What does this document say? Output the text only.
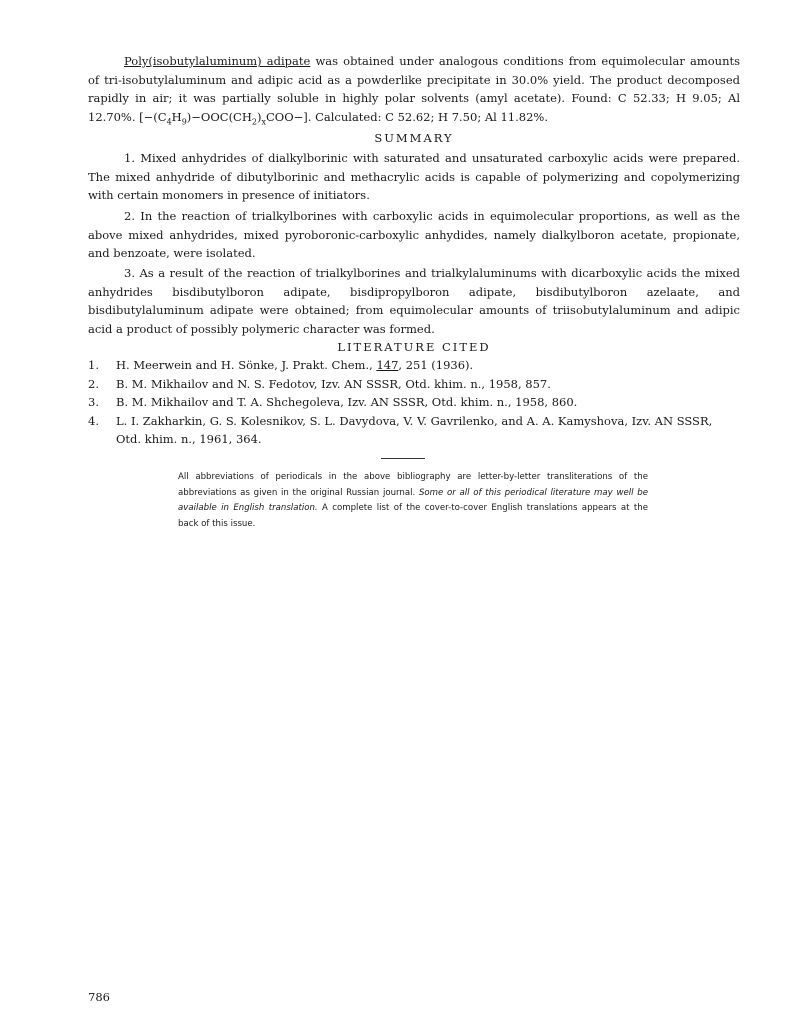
Poly(isobutylaluminum) adipate was obtained under analogous conditions from equimolecular amounts of tri-isobutylaluminum and adipic acid as a powderlike precipitate in 30.0% yield. The product decomposed rapidly in air; it was partially soluble in highly polar solvents (amyl acetate). Found: C 52.33; H 9.05; Al 12.70%. $[-(C_4H_9)-OOC(CH_2)_xCOO-]$. Calculated: C 52.62; H 7.50; Al 11.82%.

SUMMARY

1. Mixed anhydrides of dialkylborinic with saturated and unsaturated carboxylic acids were prepared. The mixed anhydride of dibutylborinic and methacrylic acids is capable of polymerizing and copolymerizing with certain monomers in presence of initiators.

2. In the reaction of trialkylborines with carboxylic acids in equimolecular proportions, as well as the above mixed anhydrides, mixed pyroboronic-carboxylic anhydides, namely dialkylboron acetate, propionate, and benzoate, were isolated.

3. As a result of the reaction of trialkylborines and trialkylaluminums with dicarboxylic acids the mixed anhydrides bisdibutylboron adipate, bisdipropylboron adipate, bisdibutylboron azelaate, and bisdibutylaluminum adipate were obtained; from equimolecular amounts of triisobutylaluminum and adipic acid a product of possibly polymeric character was formed.

LITERATURE CITED

1. H. Meerwein and H. Sönke, J. Prakt. Chem., 147, 251 (1936).
2. B. M. Mikhailov and N. S. Fedotov, Izv. AN SSSR, Otd. khim. n., 1958, 857.
3. B. M. Mikhailov and T. A. Shchegoleva, Izv. AN SSSR, Otd. khim. n., 1958, 860.
4. L. I. Zakharkin, G. S. Kolesnikov, S. L. Davydova, V. V. Gavrilenko, and A. A. Kamyshova, Izv. AN SSSR, Otd. khim. n., 1961, 364.

All abbreviations of periodicals in the above bibliography are letter-by-letter transliterations of the abbreviations as given in the original Russian journal. Some or all of this periodical literature may well be available in English translation. A complete list of the cover-to-cover English translations appears at the back of this issue.

786
